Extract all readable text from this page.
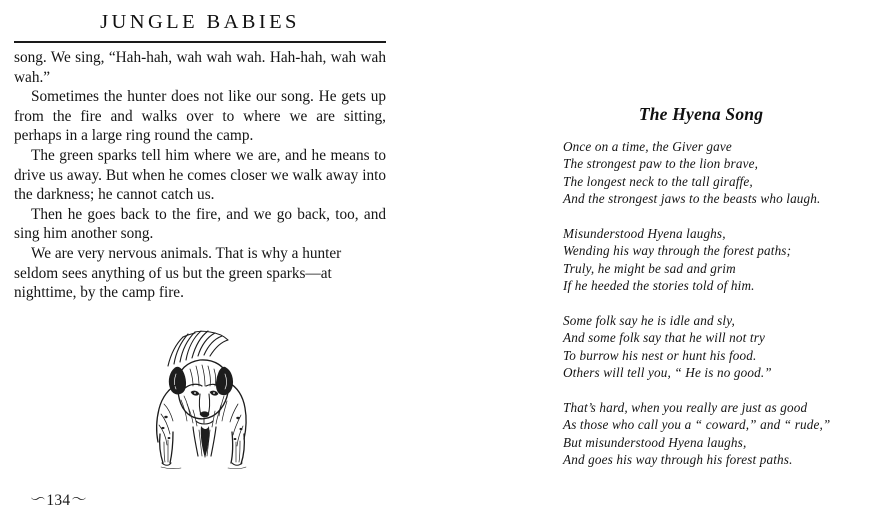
JUNGLE BABIES

song. We sing, “Hah-hah, wah wah wah. Hah-hah, wah wah wah.”

Sometimes the hunter does not like our song. He gets up from the fire and walks over to where we are sitting, perhaps in a large ring round the camp.

The green sparks tell him where we are, and he means to drive us away. But when he comes closer we walk away into the darkness; he cannot catch us.

Then he goes back to the fire, and we go back, too, and sing him another song.

We are very nervous animals. That is why a hunter seldom sees anything of us but the green sparks—at nighttime, by the camp fire.

〜134〜
The Hyena Song
Once on a time, the Giver gave
The strongest paw to the lion brave,
The longest neck to the tall giraffe,
And the strongest jaws to the beasts who laugh.
Misunderstood Hyena laughs,
Wending his way through the forest paths;
Truly, he might be sad and grim
If he heeded the stories told of him.
Some folk say he is idle and sly,
And some folk say that he will not try
To burrow his nest or hunt his food.
Others will tell you, “ He is no good.”
That’s hard, when you really are just as good
As those who call you a “ coward,” and “ rude,”
But misunderstood Hyena laughs,
And goes his way through his forest paths.
